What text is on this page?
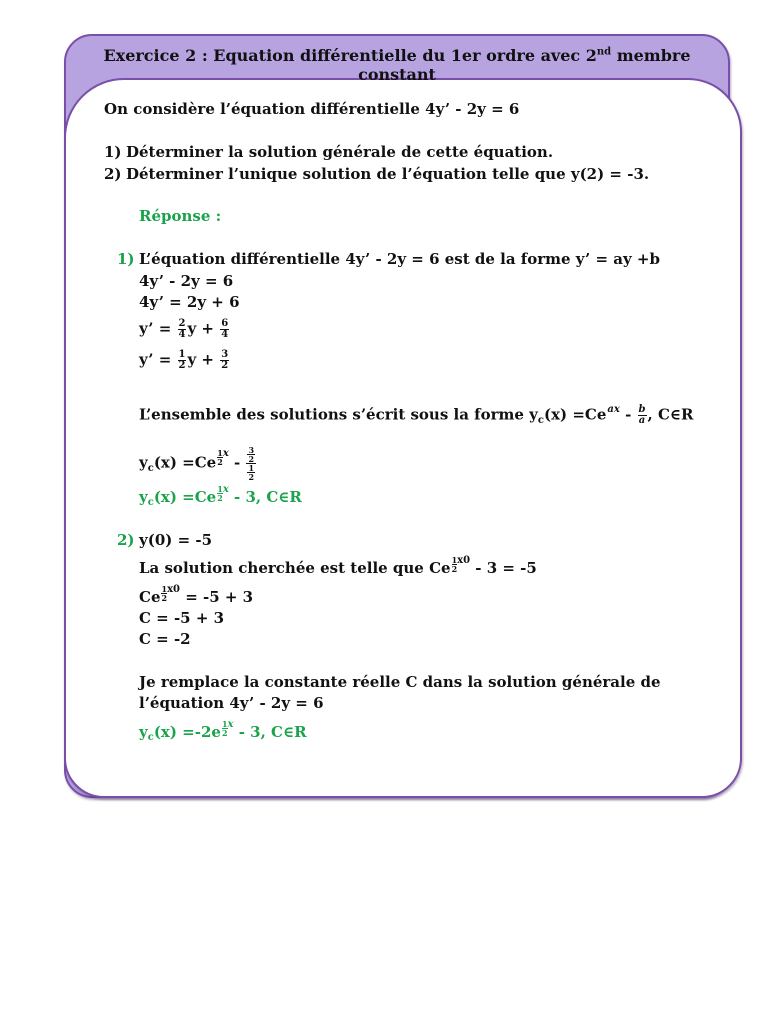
Exercice 2 : Equation différentielle du 1er ordre avec 2nd membre constant
On considère l’équation différentielle 4y’ - 2y = 6
1) Déterminer la solution générale de cette équation.
2) Déterminer l’unique solution de l’équation telle que y(2) = -3.
Réponse :
1) L’équation différentielle 4y’ - 2y = 6 est de la forme y’ = ay +b
4y’ - 2y = 6
4y’ = 2y + 6
y’ = $\frac{2}{4}$ $y + \frac{6}{4}$
y’ = $\frac{1}{2}$ $y + \frac{3}{2}$
L’ensemble des solutions s’écrit sous la forme $y_c(x) =Ce^{ax} - \frac{b}{a}$ , C∈R
$y_c(x) =Ce$ $^{\frac{1}{2} x} - \frac{\frac{3}{2}}{\frac{1}{2}}$
$y_c(x) =Ce$ $^{\frac{1}{2} x}$ - 3, C∈R
2) y(0) = -5
La solution cherchée est telle que Ce $^{\frac{1}{2} x0}$ - 3 = -5
Ce $^{\frac{1}{2} x0}$ = -5 + 3
C = -5 + 3
C = -2
Je remplace la constante réelle C dans la solution générale de
l’équation 4y’ - 2y = 6
$y_c(x) =-2e$ $^{\frac{1}{2} x}$ - 3, C∈R
